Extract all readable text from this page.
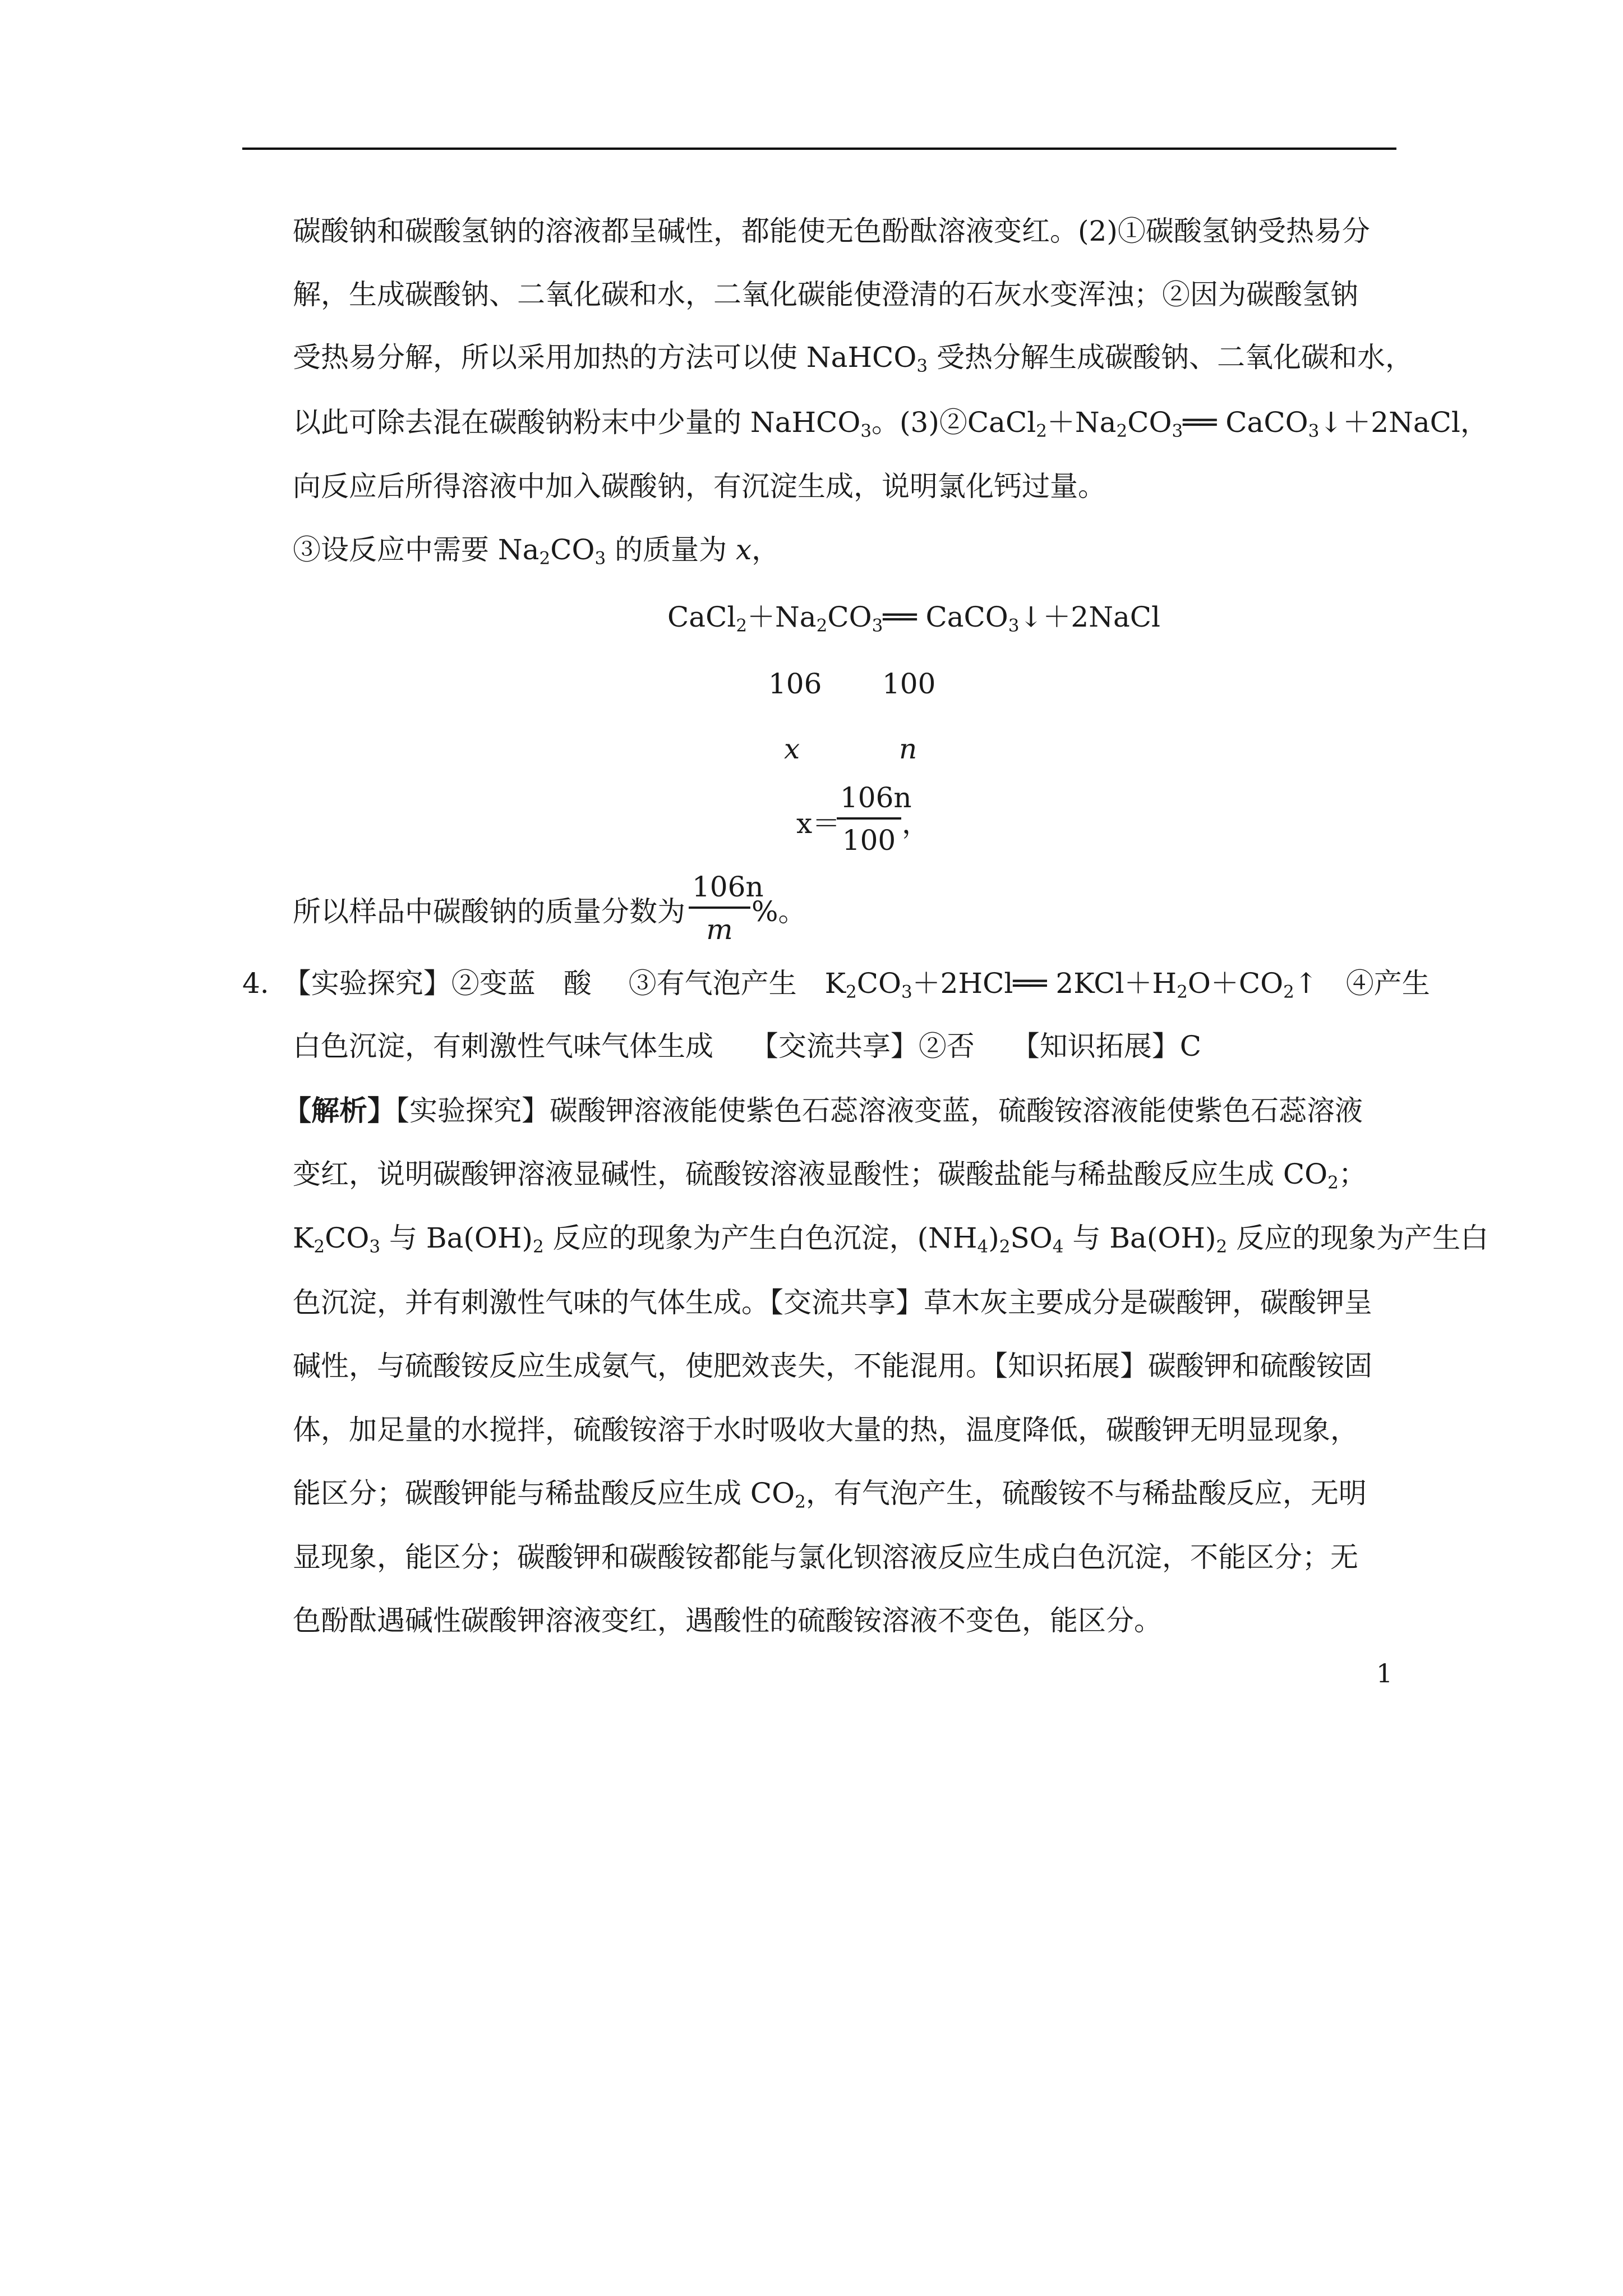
碳酸钠和碳酸氢钠的溶液都呈碱性，都能使无色酚酞溶液变红。(2)①碳酸氢钠受热易分
解，生成碳酸钠、二氧化碳和水，二氧化碳能使澄清的石灰水变浑浊；②因为碳酸氢钠
受热易分解，所以采用加热的方法可以使 NaHCO$_3$ 受热分解生成碳酸钠、二氧化碳和水，
以此可除去混在碳酸钠粉末中少量的 NaHCO$_3$。$(3)②CaCl_2+Na_2CO_3══$ CaCO$_3$↓＋2NaCl，
向反应后所得溶液中加入碳酸钠，有沉淀生成，说明氯化钙过量。
③设反应中需要 $Na_2CO_3$ 的质量为 x，
$CaCl_2+Na_2CO_3══$ CaCO$_3$↓＋2NaCl
106 100
x	n
x＝
$\frac{106n}{100}$ ，
所以样品中碳酸钠的质量分数为 $\frac{106n}{m}$ %。
4.　【实验探究】②变蓝　酸　 ③有气泡产生　$K_2CO_3+2HCl══$ $2KCl+H_2O+CO_2↑$　④产生
白色沉淀，有刺激性气味气体生成　 【交流共享】②否　 【知识拓展】C
【解析】【实验探究】碳酸钾溶液能使紫色石蕊溶液变蓝，硫酸铵溶液能使紫色石蕊溶液
变红，说明碳酸钾溶液显碱性，硫酸铵溶液显酸性；碳酸盐能与稀盐酸反应生成 $CO_2$；
$K_2CO_3$ 与 $Ba(OH)_2$ 反应的现象为产生白色沉淀，$(NH_4)_2SO_4$ 与 $Ba(OH)_2$ 反应的现象为产生白
色沉淀，并有刺激性气味的气体生成。【交流共享】草木灰主要成分是碳酸钾，碳酸钾呈
碱性，与硫酸铵反应生成氨气，使肥效丧失，不能混用。【知识拓展】碳酸钾和硫酸铵固
体，加足量的水搅拌，硫酸铵溶于水时吸收大量的热，温度降低，碳酸钾无明显现象，
能区分；碳酸钾能与稀盐酸反应生成 $CO_2$，有气泡产生，硫酸铵不与稀盐酸反应，无明
显现象，能区分；碳酸钾和碳酸铵都能与氯化钡溶液反应生成白色沉淀，不能区分；无
色酚酞遇碱性碳酸钾溶液变红，遇酸性的硫酸铵溶液不变色，能区分。
1
